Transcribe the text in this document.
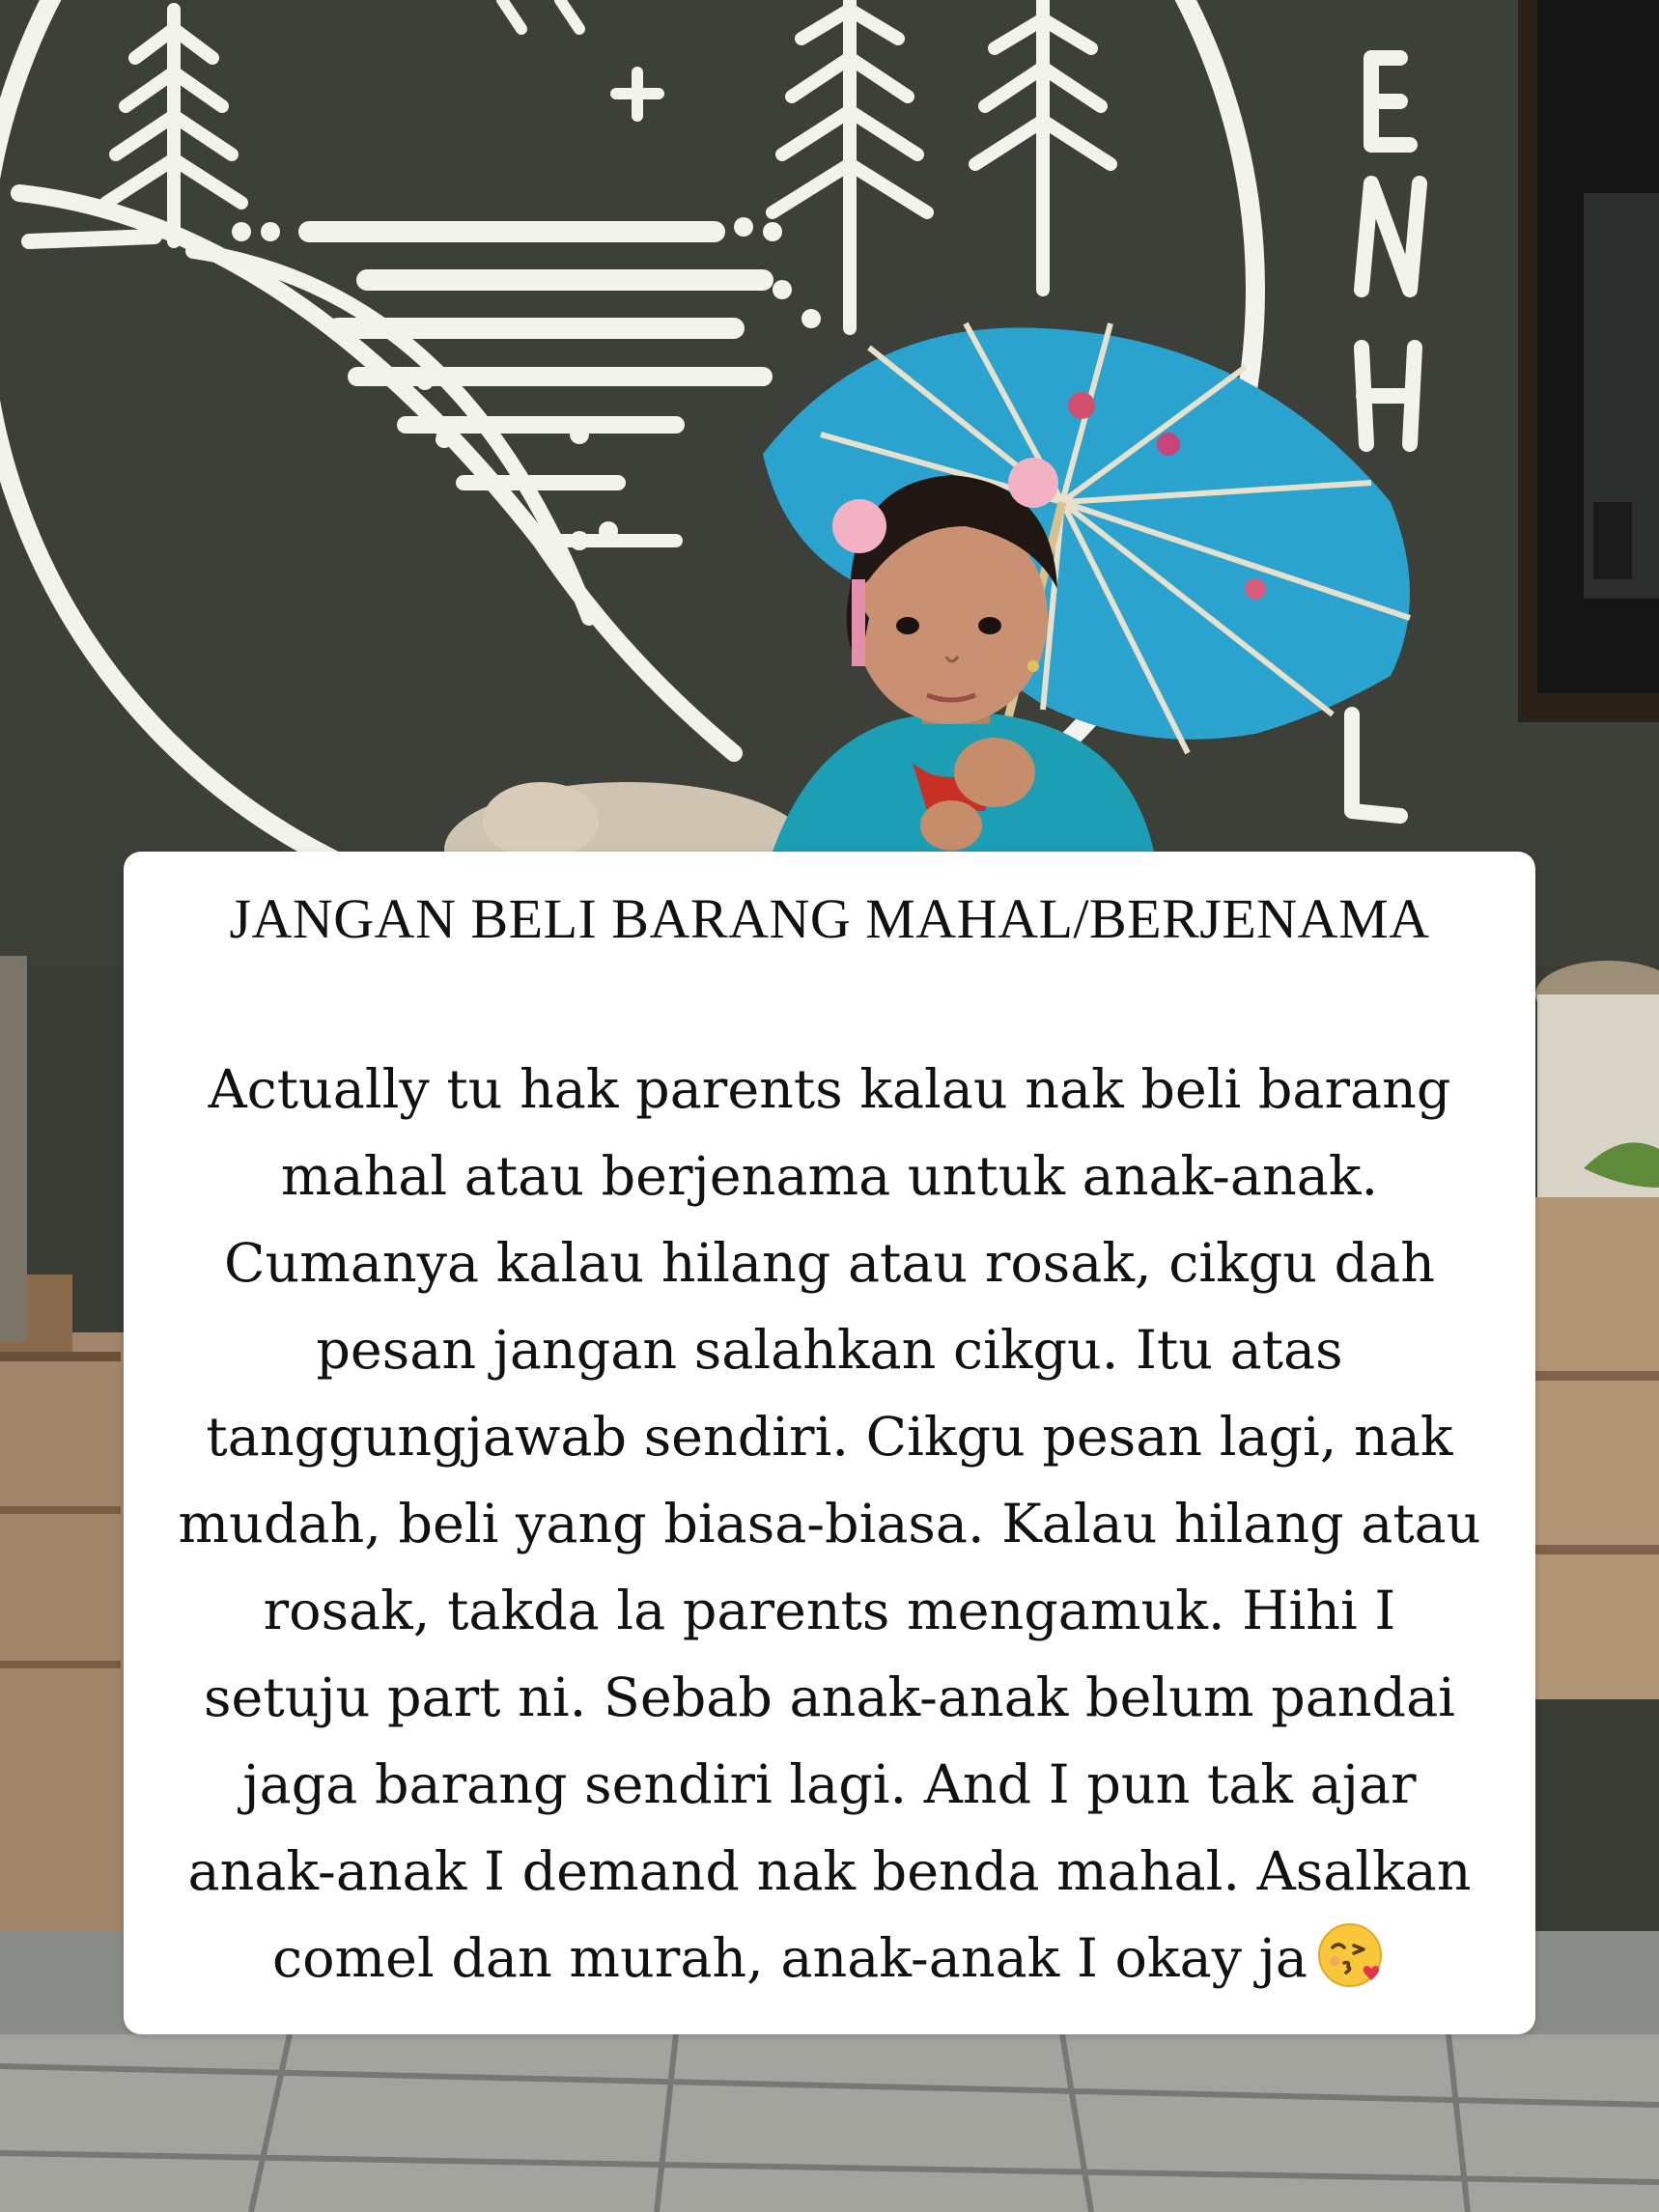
JANGAN BELI BARANG MAHAL/BERJENAMA
Actually tu hak parents kalau nak beli barang
mahal atau berjenama untuk anak-anak.
Cumanya kalau hilang atau rosak, cikgu dah
pesan jangan salahkan cikgu. Itu atas
tanggungjawab sendiri. Cikgu pesan lagi, nak
mudah, beli yang biasa-biasa. Kalau hilang atau
rosak, takda la parents mengamuk. Hihi I
setuju part ni. Sebab anak-anak belum pandai
jaga barang sendiri lagi. And I pun tak ajar
anak-anak I demand nak benda mahal. Asalkan
comel dan murah, anak-anak I okay ja
